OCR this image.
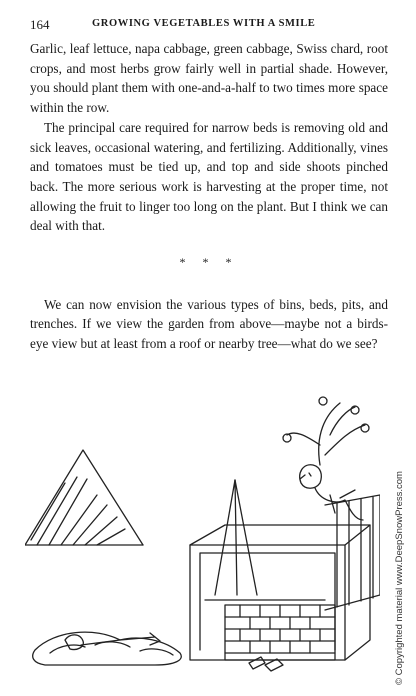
164	GROWING VEGETABLES WITH A SMILE

Garlic, leaf lettuce, napa cabbage, green cabbage, Swiss chard, root crops, and most herbs grow fairly well in partial shade. However, you should plant them with one-and-a-half to two times more space within the row.

The principal care required for narrow beds is removing old and sick leaves, occasional watering, and fertilizing. Additionally, vines and tomatoes must be tied up, and top and side shoots pinched back. The more serious work is harvesting at the proper time, not allowing the fruit to linger too long on the plant. But I think we can deal with that.

* * *

We can now envision the various types of bins, beds, pits, and trenches. If we view the garden from above—maybe not a birds-eye view but at least from a roof or nearby tree—what do we see?

© Copyrighted material www.DeepSnowPress.com
